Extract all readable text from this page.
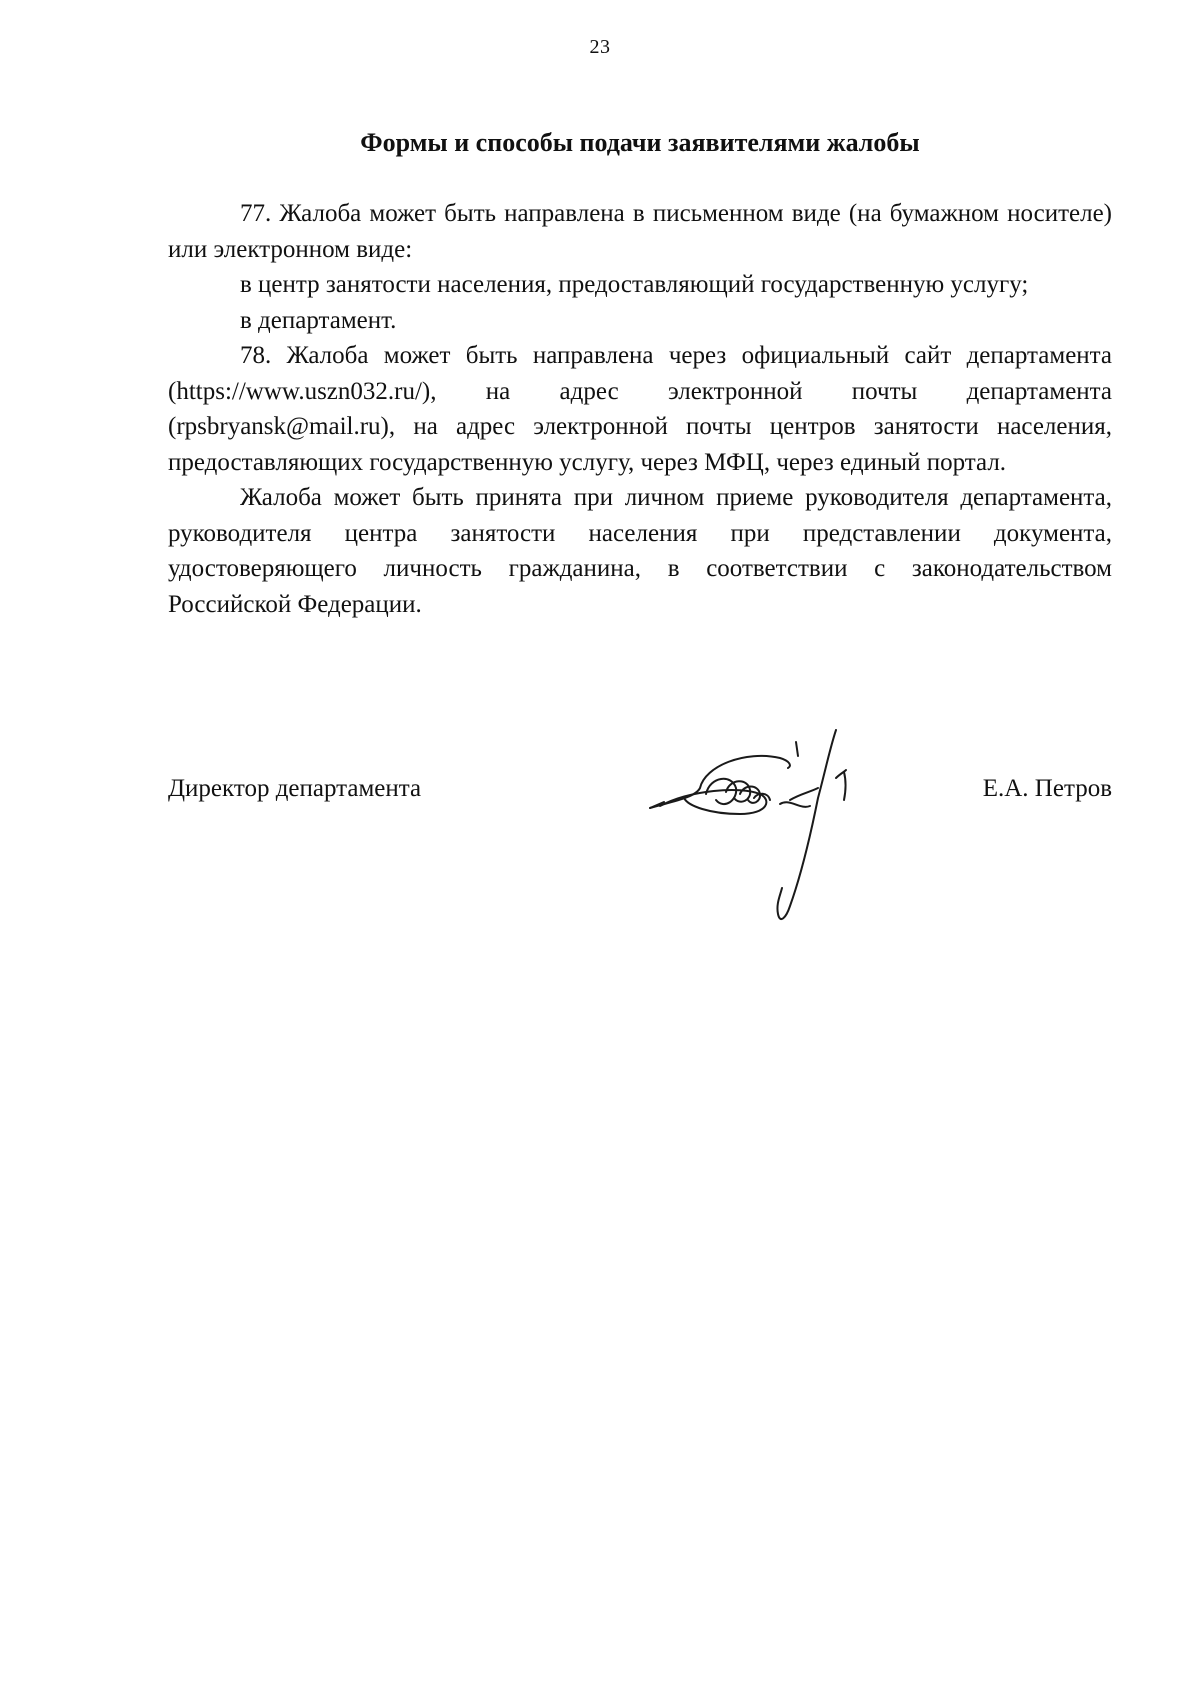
23
Формы и способы подачи заявителями жалобы

77. Жалоба может быть направлена в письменном виде (на бумажном носителе) или электронном виде:

в центр занятости населения, предоставляющий государственную услугу;

в департамент.

78. Жалоба может быть направлена через официальный сайт департамента (https://www.uszn032.ru/), на адрес электронной почты департамента (rpsbryansk@mail.ru), на адрес электронной почты центров занятости населения, предоставляющих государственную услугу, через МФЦ, через единый портал.

Жалоба может быть принята при личном приеме руководителя департамента, руководителя центра занятости населения при представлении документа, удостоверяющего личность гражданина, в соответствии с законодательством Российской Федерации.

Директор департамента	Е.А. Петров
